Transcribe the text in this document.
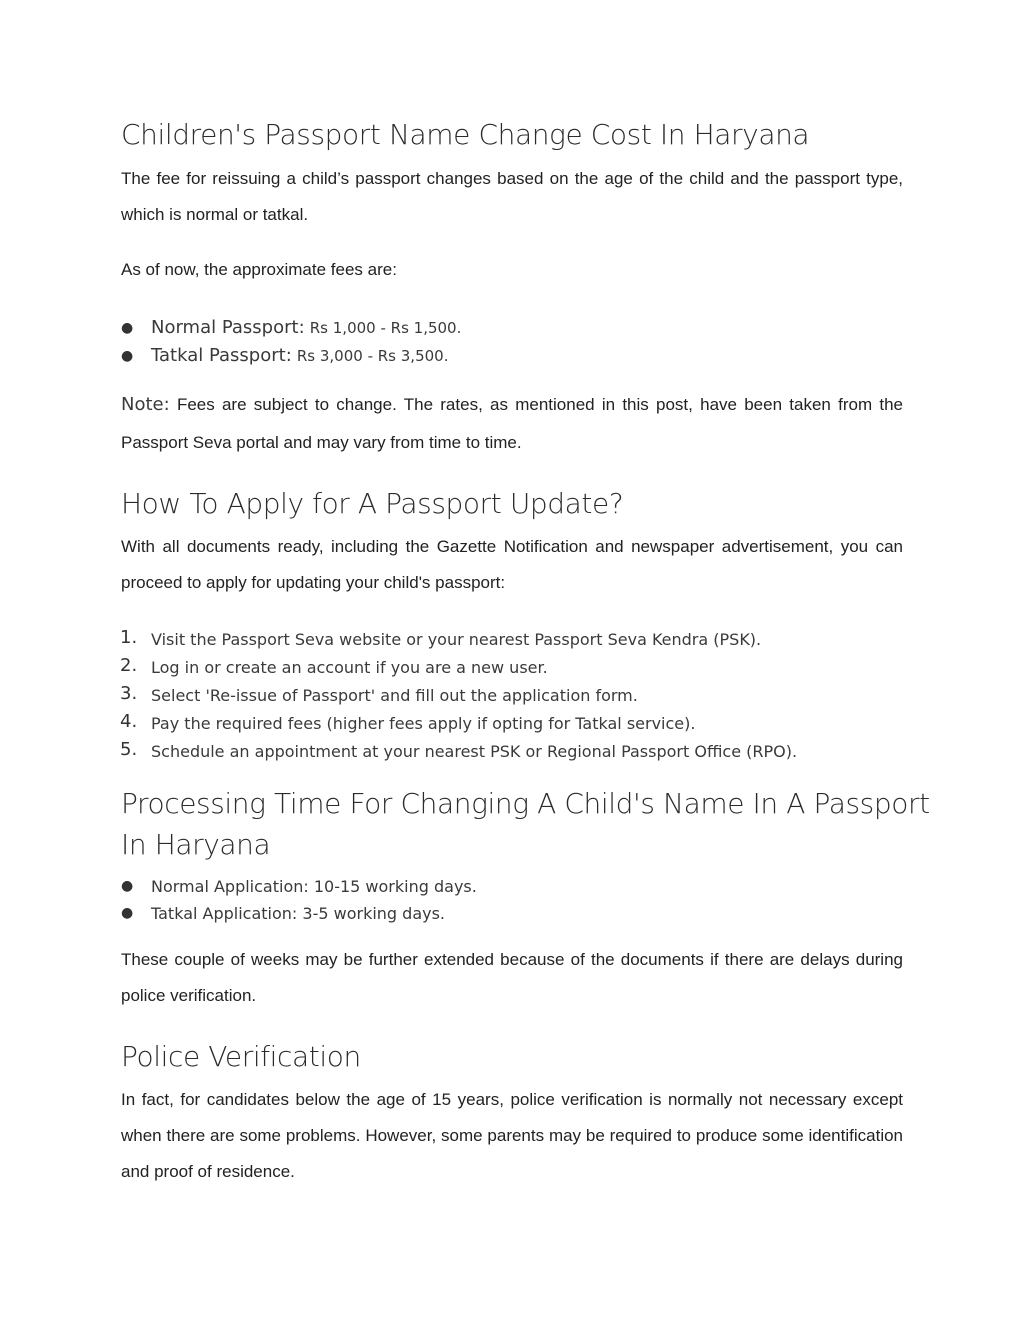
Children's Passport Name Change Cost In Haryana

The fee for reissuing a child’s passport changes based on the age of the child and the passport type, which is normal or tatkal.

As of now, the approximate fees are:

● Normal Passport: Rs 1,000 - Rs 1,500.
● Tatkal Passport: Rs 3,000 - Rs 3,500.

Note: Fees are subject to change. The rates, as mentioned in this post, have been taken from the Passport Seva portal and may vary from time to time.

How To Apply for A Passport Update?

With all documents ready, including the Gazette Notification and newspaper advertisement, you can proceed to apply for updating your child's passport:

1. Visit the Passport Seva website or your nearest Passport Seva Kendra (PSK).
2. Log in or create an account if you are a new user.
3. Select 'Re-issue of Passport' and fill out the application form.
4. Pay the required fees (higher fees apply if opting for Tatkal service).
5. Schedule an appointment at your nearest PSK or Regional Passport Office (RPO).
Processing Time For Changing A Child's Name In A Passport
In Haryana
● Normal Application: 10-15 working days.
● Tatkal Application: 3-5 working days.

These couple of weeks may be further extended because of the documents if there are delays during police verification.

Police Verification

In fact, for candidates below the age of 15 years, police verification is normally not necessary except when there are some problems. However, some parents may be required to produce some identification and proof of residence.
